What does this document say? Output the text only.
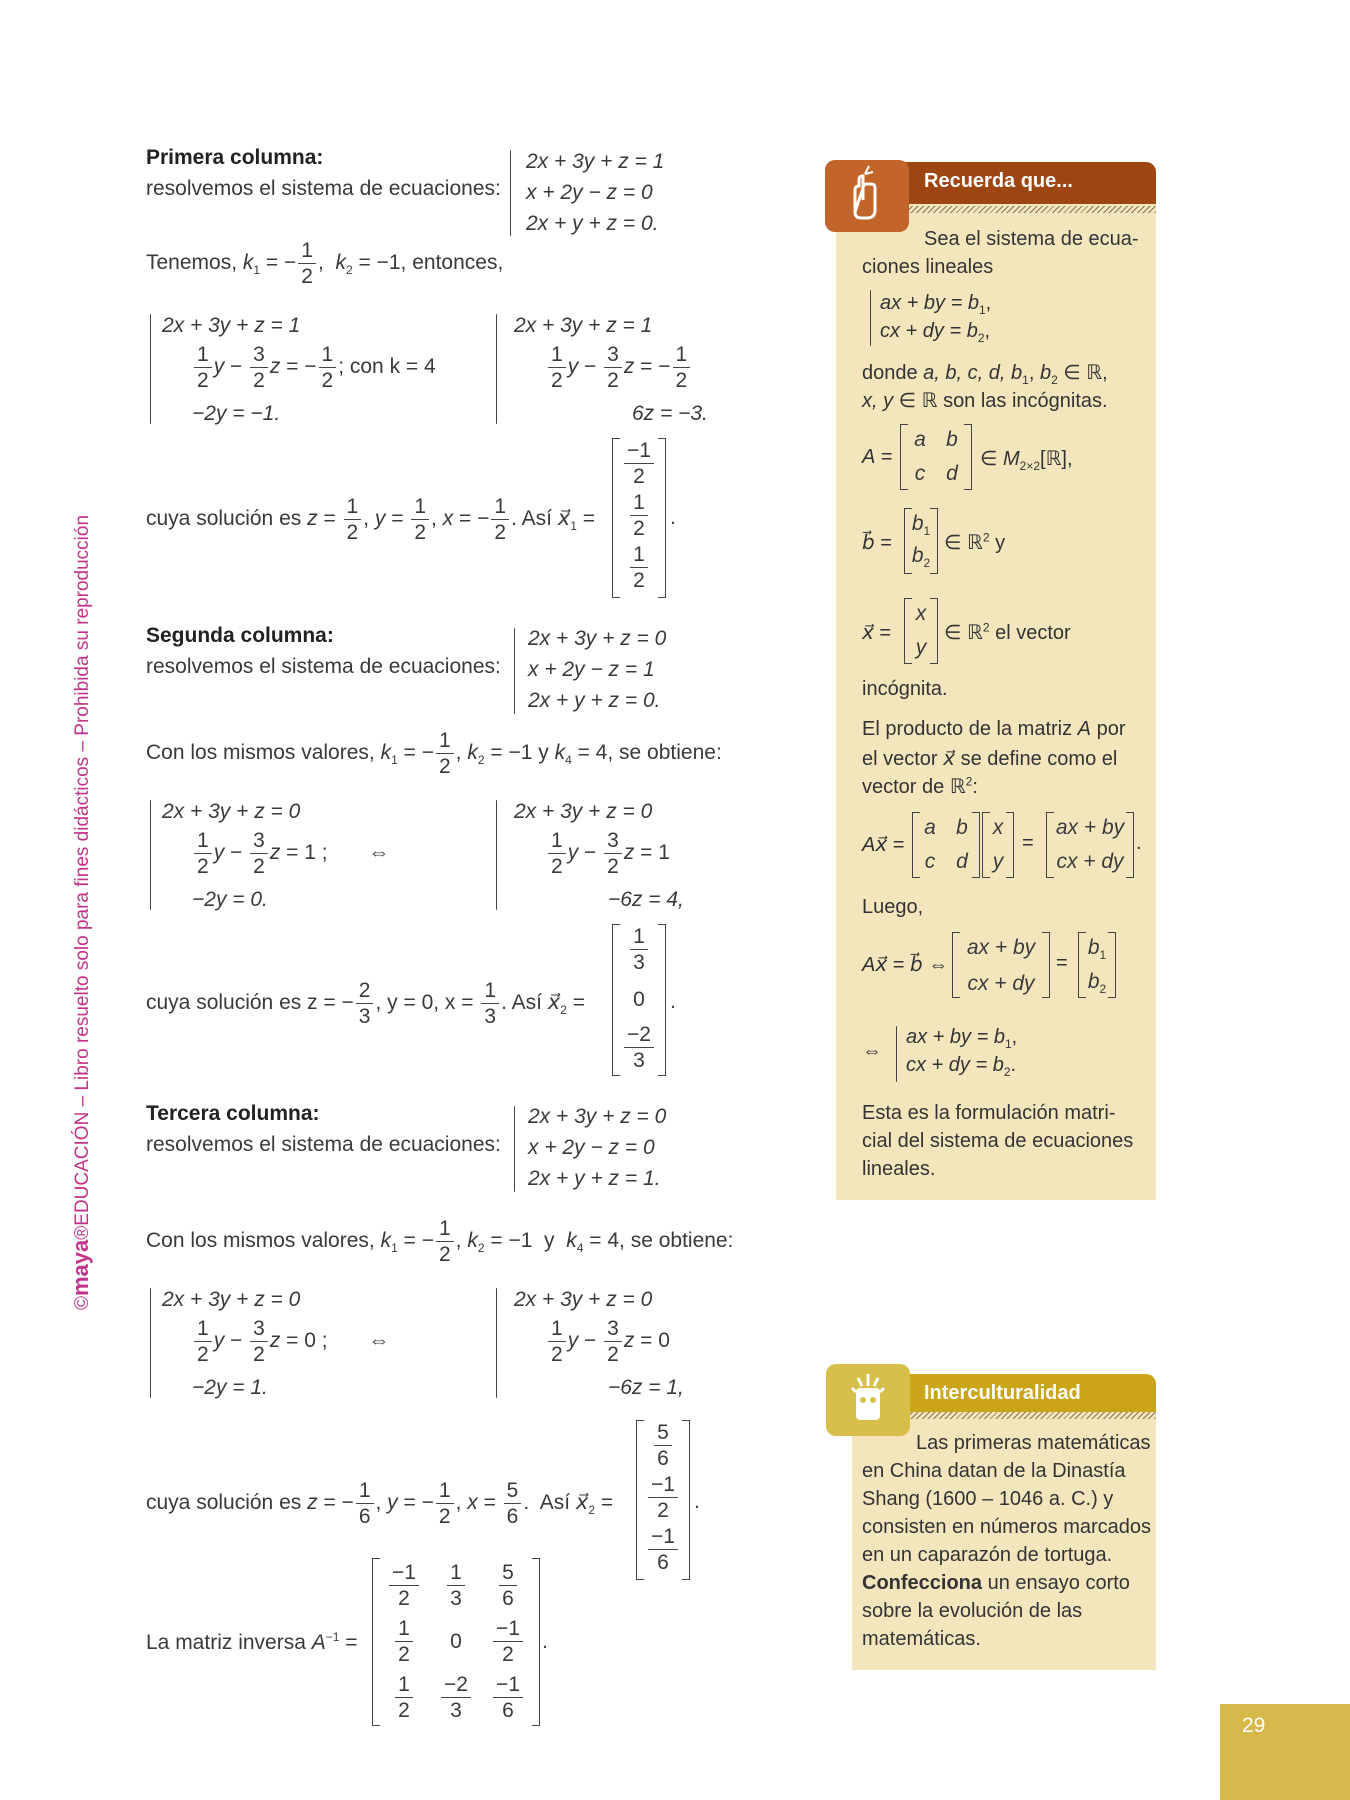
©maya®EDUCACIÓN – Libro resuelto solo para fines didácticos – Prohibida su reproducción
Primera columna:
resolvemos el sistema de ecuaciones:
2x + 3y + z = 1
x + 2y − z = 0
2x + y + z = 0.
Tenemos, $k_1$ = − $\frac{1}{2}$ ,  $k_2 = -1$, entonces,
2x + 3y + z = 1
$\frac{1}{2}$ $y - \frac{3}{2}$ z = − $\frac{1}{2}$ ; con k = 4
−2y = −1.
2x + 3y + z = 1
$\frac{1}{2}$ $y - \frac{3}{2}$ z = − $\frac{1}{2}$
6z = −3.
cuya solución es $z = \frac{1}{2}$ , $y = \frac{1}{2}$ , x = − $\frac{1}{2}$ . Así $x⃗_1$ =
$\frac{-1}{2}$
$\frac{1}{2}$
$\frac{1}{2}$
.
Segunda columna:
resolvemos el sistema de ecuaciones:
2x + 3y + z = 0
x + 2y − z = 1
2x + y + z = 0.
Con los mismos valores, $k_1$ = − $\frac{1}{2}$ , $k_2 = -1$ y $k_4 = 4$, se obtiene:
2x + 3y + z = 0
$\frac{1}{2}$ $y - \frac{3}{2}$ z = 1 ;       ⇔
−2y = 0.
2x + 3y + z = 0
$\frac{1}{2}$ $y - \frac{3}{2}$ z = 1
−6z = 4,
cuya solución es z = − $\frac{2}{3}$ , y = 0, $x = \frac{1}{3}$ . Así $x⃗_2$ =
$\frac{1}{3}$
0
$\frac{-2}{3}$
.
Tercera columna:
resolvemos el sistema de ecuaciones:
2x + 3y + z = 0
x + 2y − z = 0
2x + y + z = 1.
Con los mismos valores, $k_1$ = − $\frac{1}{2}$ , $k_2 = -1$  y  $k_4 = 4$, se obtiene:
2x + 3y + z = 0
$\frac{1}{2}$ $y - \frac{3}{2}$ z = 0 ;       ⇔
−2y = 1.
2x + 3y + z = 0
$\frac{1}{2}$ $y - \frac{3}{2}$ z = 0
−6z = 1,
cuya solución es z = − $\frac{1}{6}$ , y = − $\frac{1}{2}$ , $x = \frac{5}{6}$ .  Así $x⃗_2$ =
$\frac{5}{6}$
$\frac{-1}{2}$
$\frac{-1}{6}$
.
La matriz inversa $A^{-1}$ =
$\frac{-1}{2} \frac{1}{3} \frac{5}{6}$
$\frac{1}{2}$	0	$\frac{-1}{2}$
$\frac{1}{2} \frac{-2}{3} \frac{-1}{6}$
.
Recuerda que...
Sea el sistema de ecua-
ciones lineales
ax + by = $b_1$,
cx + dy = $b_2$,
donde a, b, c, d, $b_1$, $b_2$ ∈ ℝ,
x, y ∈ ℝ son las incógnitas.
A =
a b
c d
∈ $M_{2\times 2}[ℝ]$,
b⃗ =
$b_1$
$b_2$
∈ ℝ$^2$ y
x⃗ =
x
y
∈ ℝ$^2$ el vector
incógnita.
El producto de la matriz A por
el vector x⃗ se define como el
vector de ℝ$^2$:
Ax⃗ =
a b
c d
x
y
=
ax + by
cx + dy
.
Luego,
Ax⃗ = b⃗ ⇔
ax + by
cx + dy
=
$b_1$
$b_2$
⇔
ax + by = $b_1$,
cx + dy = $b_2$.
Esta es la formulación matri-
cial del sistema de ecuaciones
lineales.
Interculturalidad
Las primeras matemáticas
en China datan de la Dinastía
Shang (1600 – 1046 a. C.) y
consisten en números marcados
en un caparazón de tortuga.
Confecciona un ensayo corto
sobre la evolución de las
matemáticas.
29
